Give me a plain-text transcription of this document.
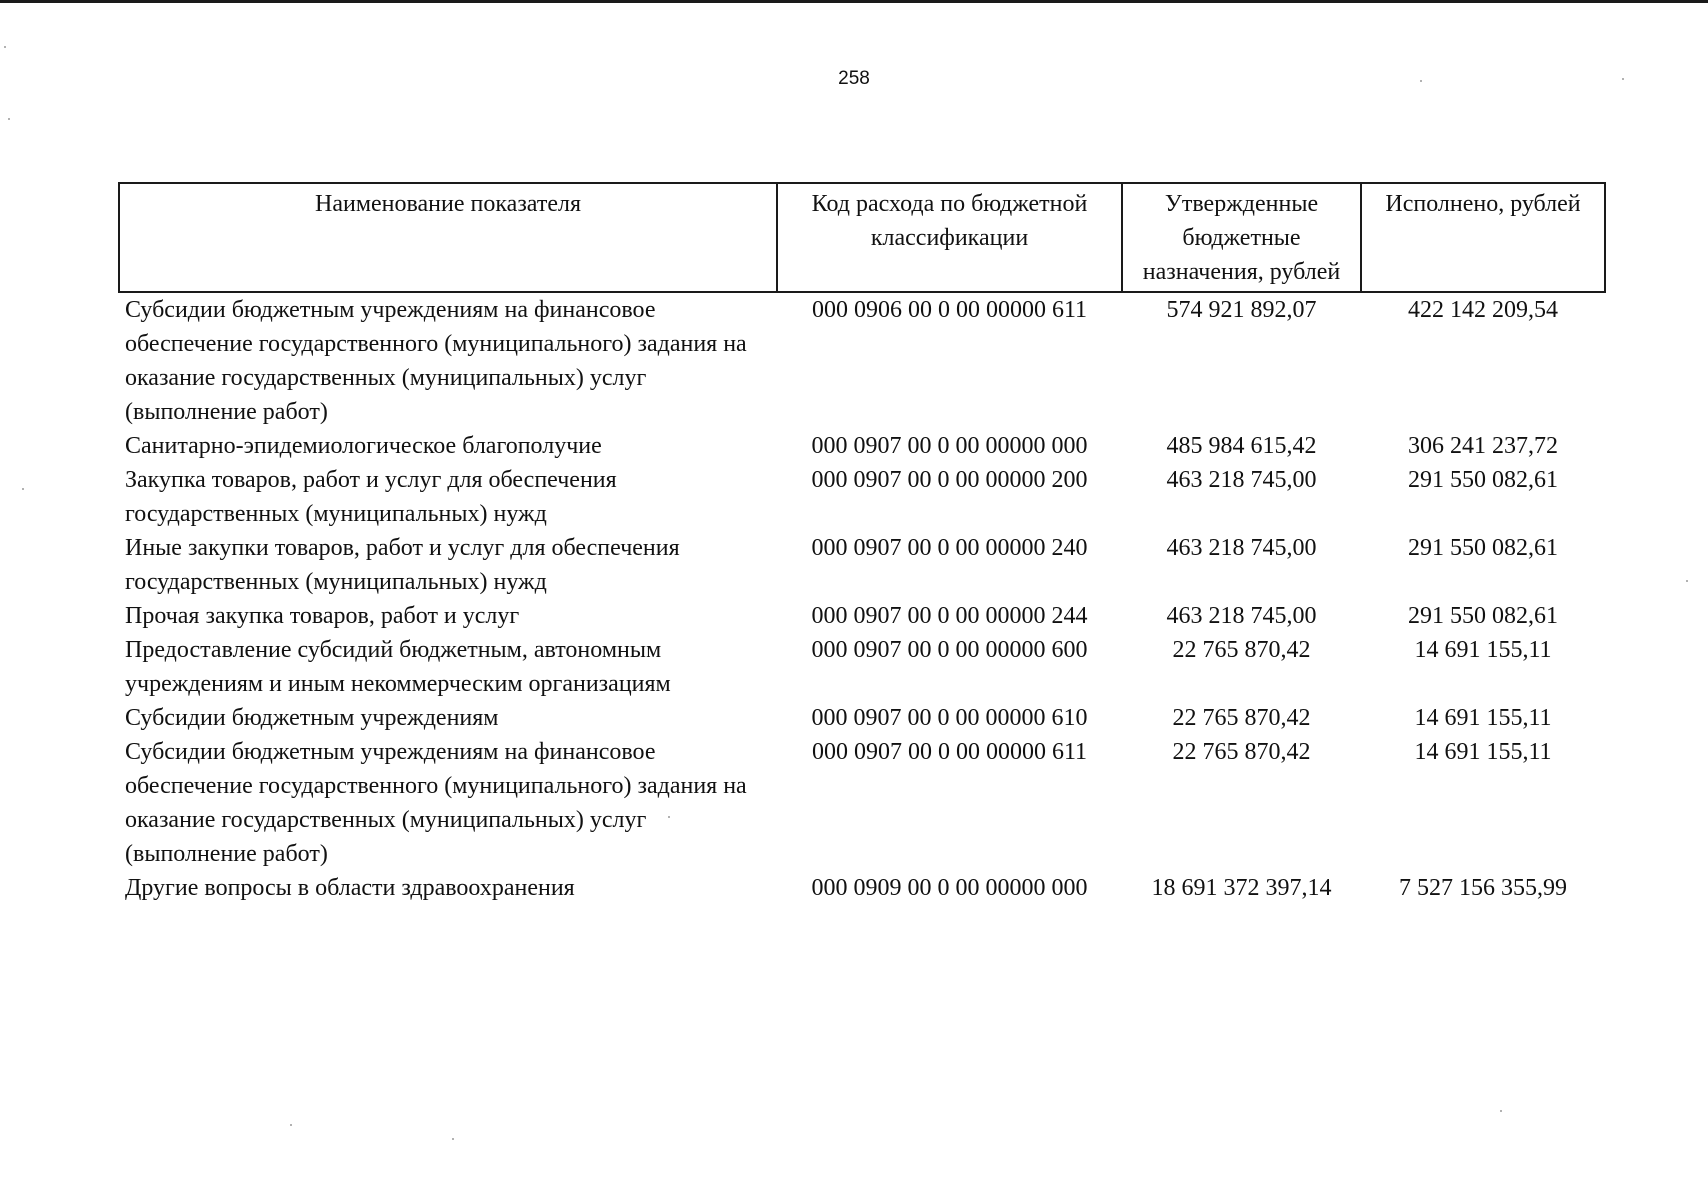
258
Наименование показателя	Код расхода по бюджетной классификации	Утвержденные бюджетные назначения, рублей	Исполнено, рублей
Субсидии бюджетным учреждениям на финансовое обеспечение государственного (муниципального) задания на оказание государственных (муниципальных) услуг (выполнение работ)	000 0906 00 0 00 00000 611	574 921 892,07	422 142 209,54
Санитарно-эпидемиологическое благополучие	000 0907 00 0 00 00000 000	485 984 615,42	306 241 237,72
Закупка товаров, работ и услуг для обеспечения государственных (муниципальных) нужд	000 0907 00 0 00 00000 200	463 218 745,00	291 550 082,61
Иные закупки товаров, работ и услуг для обеспечения государственных (муниципальных) нужд	000 0907 00 0 00 00000 240	463 218 745,00	291 550 082,61
Прочая закупка товаров, работ и услуг	000 0907 00 0 00 00000 244	463 218 745,00	291 550 082,61
Предоставление субсидий бюджетным, автономным учреждениям и иным некоммерческим организациям	000 0907 00 0 00 00000 600	22 765 870,42	14 691 155,11
Субсидии бюджетным учреждениям	000 0907 00 0 00 00000 610	22 765 870,42	14 691 155,11
Субсидии бюджетным учреждениям на финансовое обеспечение государственного (муниципального) задания на оказание государственных (муниципальных) услуг (выполнение работ)	000 0907 00 0 00 00000 611	22 765 870,42	14 691 155,11
Другие вопросы в области здравоохранения	000 0909 00 0 00 00000 000	18 691 372 397,14	7 527 156 355,99
